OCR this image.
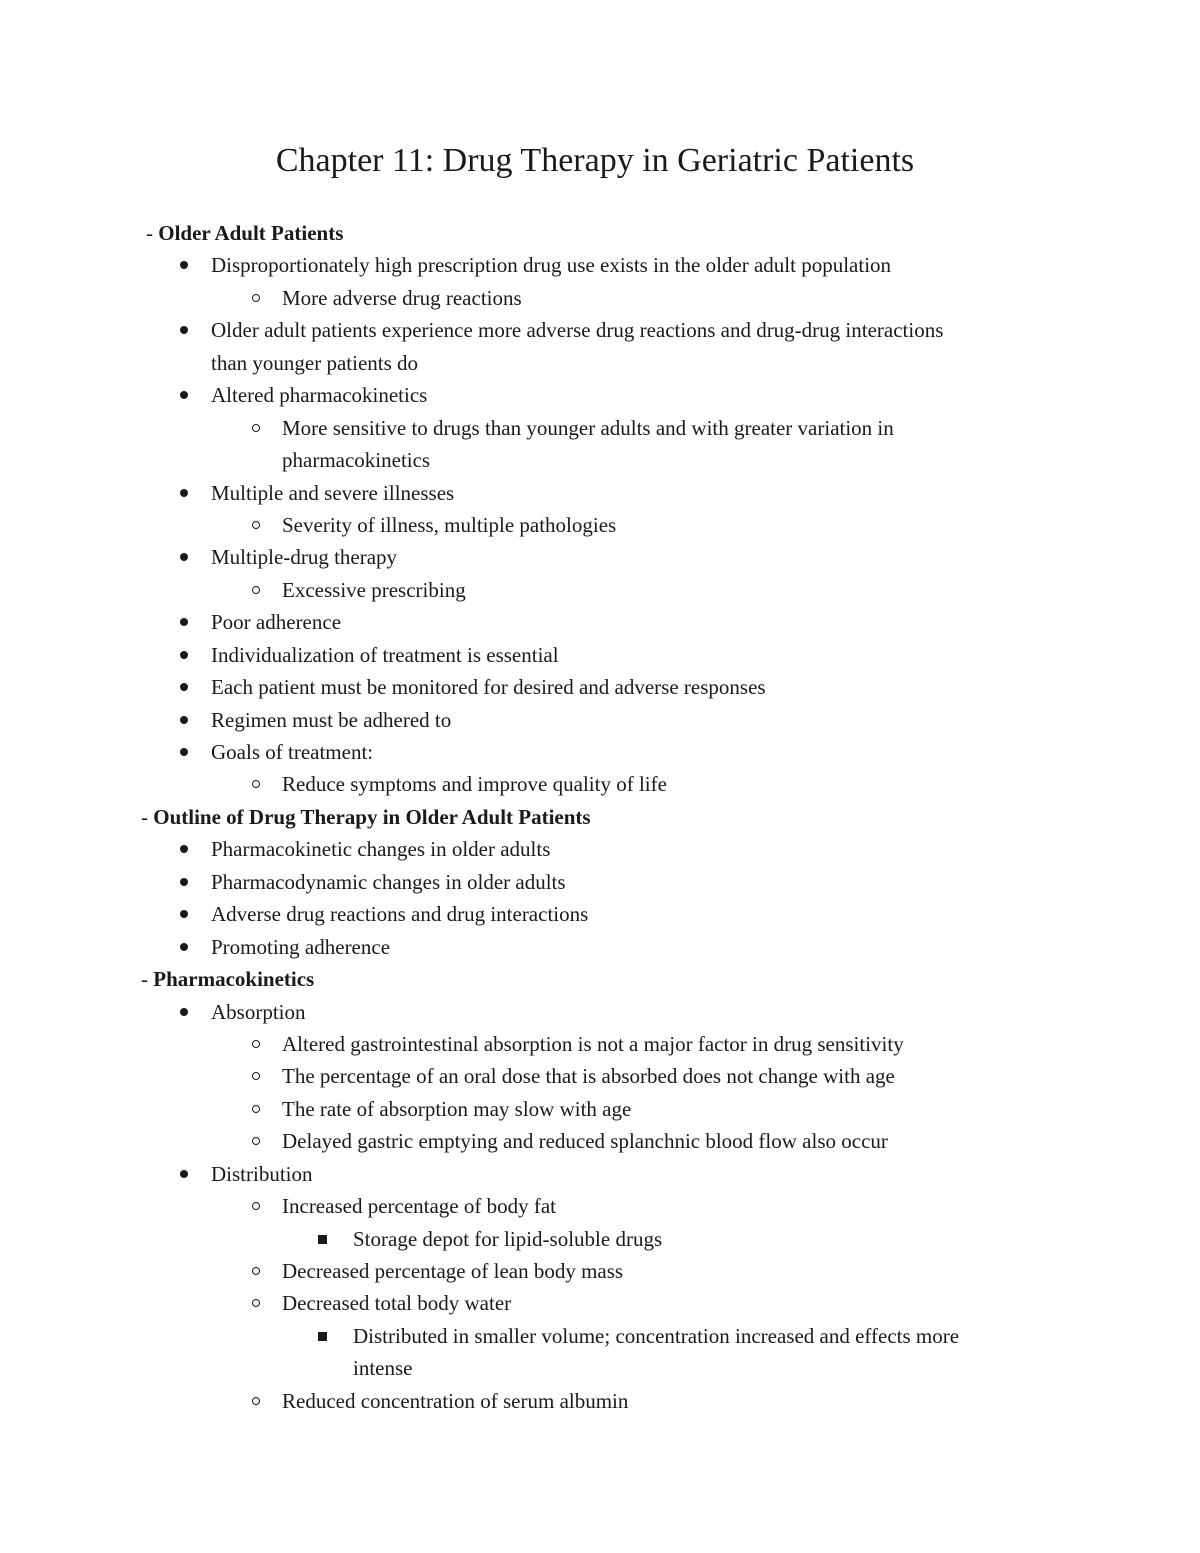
Chapter 11: Drug Therapy in Geriatric Patients
- Older Adult Patients
Disproportionately high prescription drug use exists in the older adult population
More adverse drug reactions
Older adult patients experience more adverse drug reactions and drug-drug interactions
than younger patients do
Altered pharmacokinetics
More sensitive to drugs than younger adults and with greater variation in
pharmacokinetics
Multiple and severe illnesses
Severity of illness, multiple pathologies
Multiple-drug therapy
Excessive prescribing
Poor adherence
Individualization of treatment is essential
Each patient must be monitored for desired and adverse responses
Regimen must be adhered to
Goals of treatment:
Reduce symptoms and improve quality of life
- Outline of Drug Therapy in Older Adult Patients
Pharmacokinetic changes in older adults
Pharmacodynamic changes in older adults
Adverse drug reactions and drug interactions
Promoting adherence
- Pharmacokinetics
Absorption
Altered gastrointestinal absorption is not a major factor in drug sensitivity
The percentage of an oral dose that is absorbed does not change with age
The rate of absorption may slow with age
Delayed gastric emptying and reduced splanchnic blood flow also occur
Distribution
Increased percentage of body fat
Storage depot for lipid-soluble drugs
Decreased percentage of lean body mass
Decreased total body water
Distributed in smaller volume; concentration increased and effects more
intense
Reduced concentration of serum albumin
